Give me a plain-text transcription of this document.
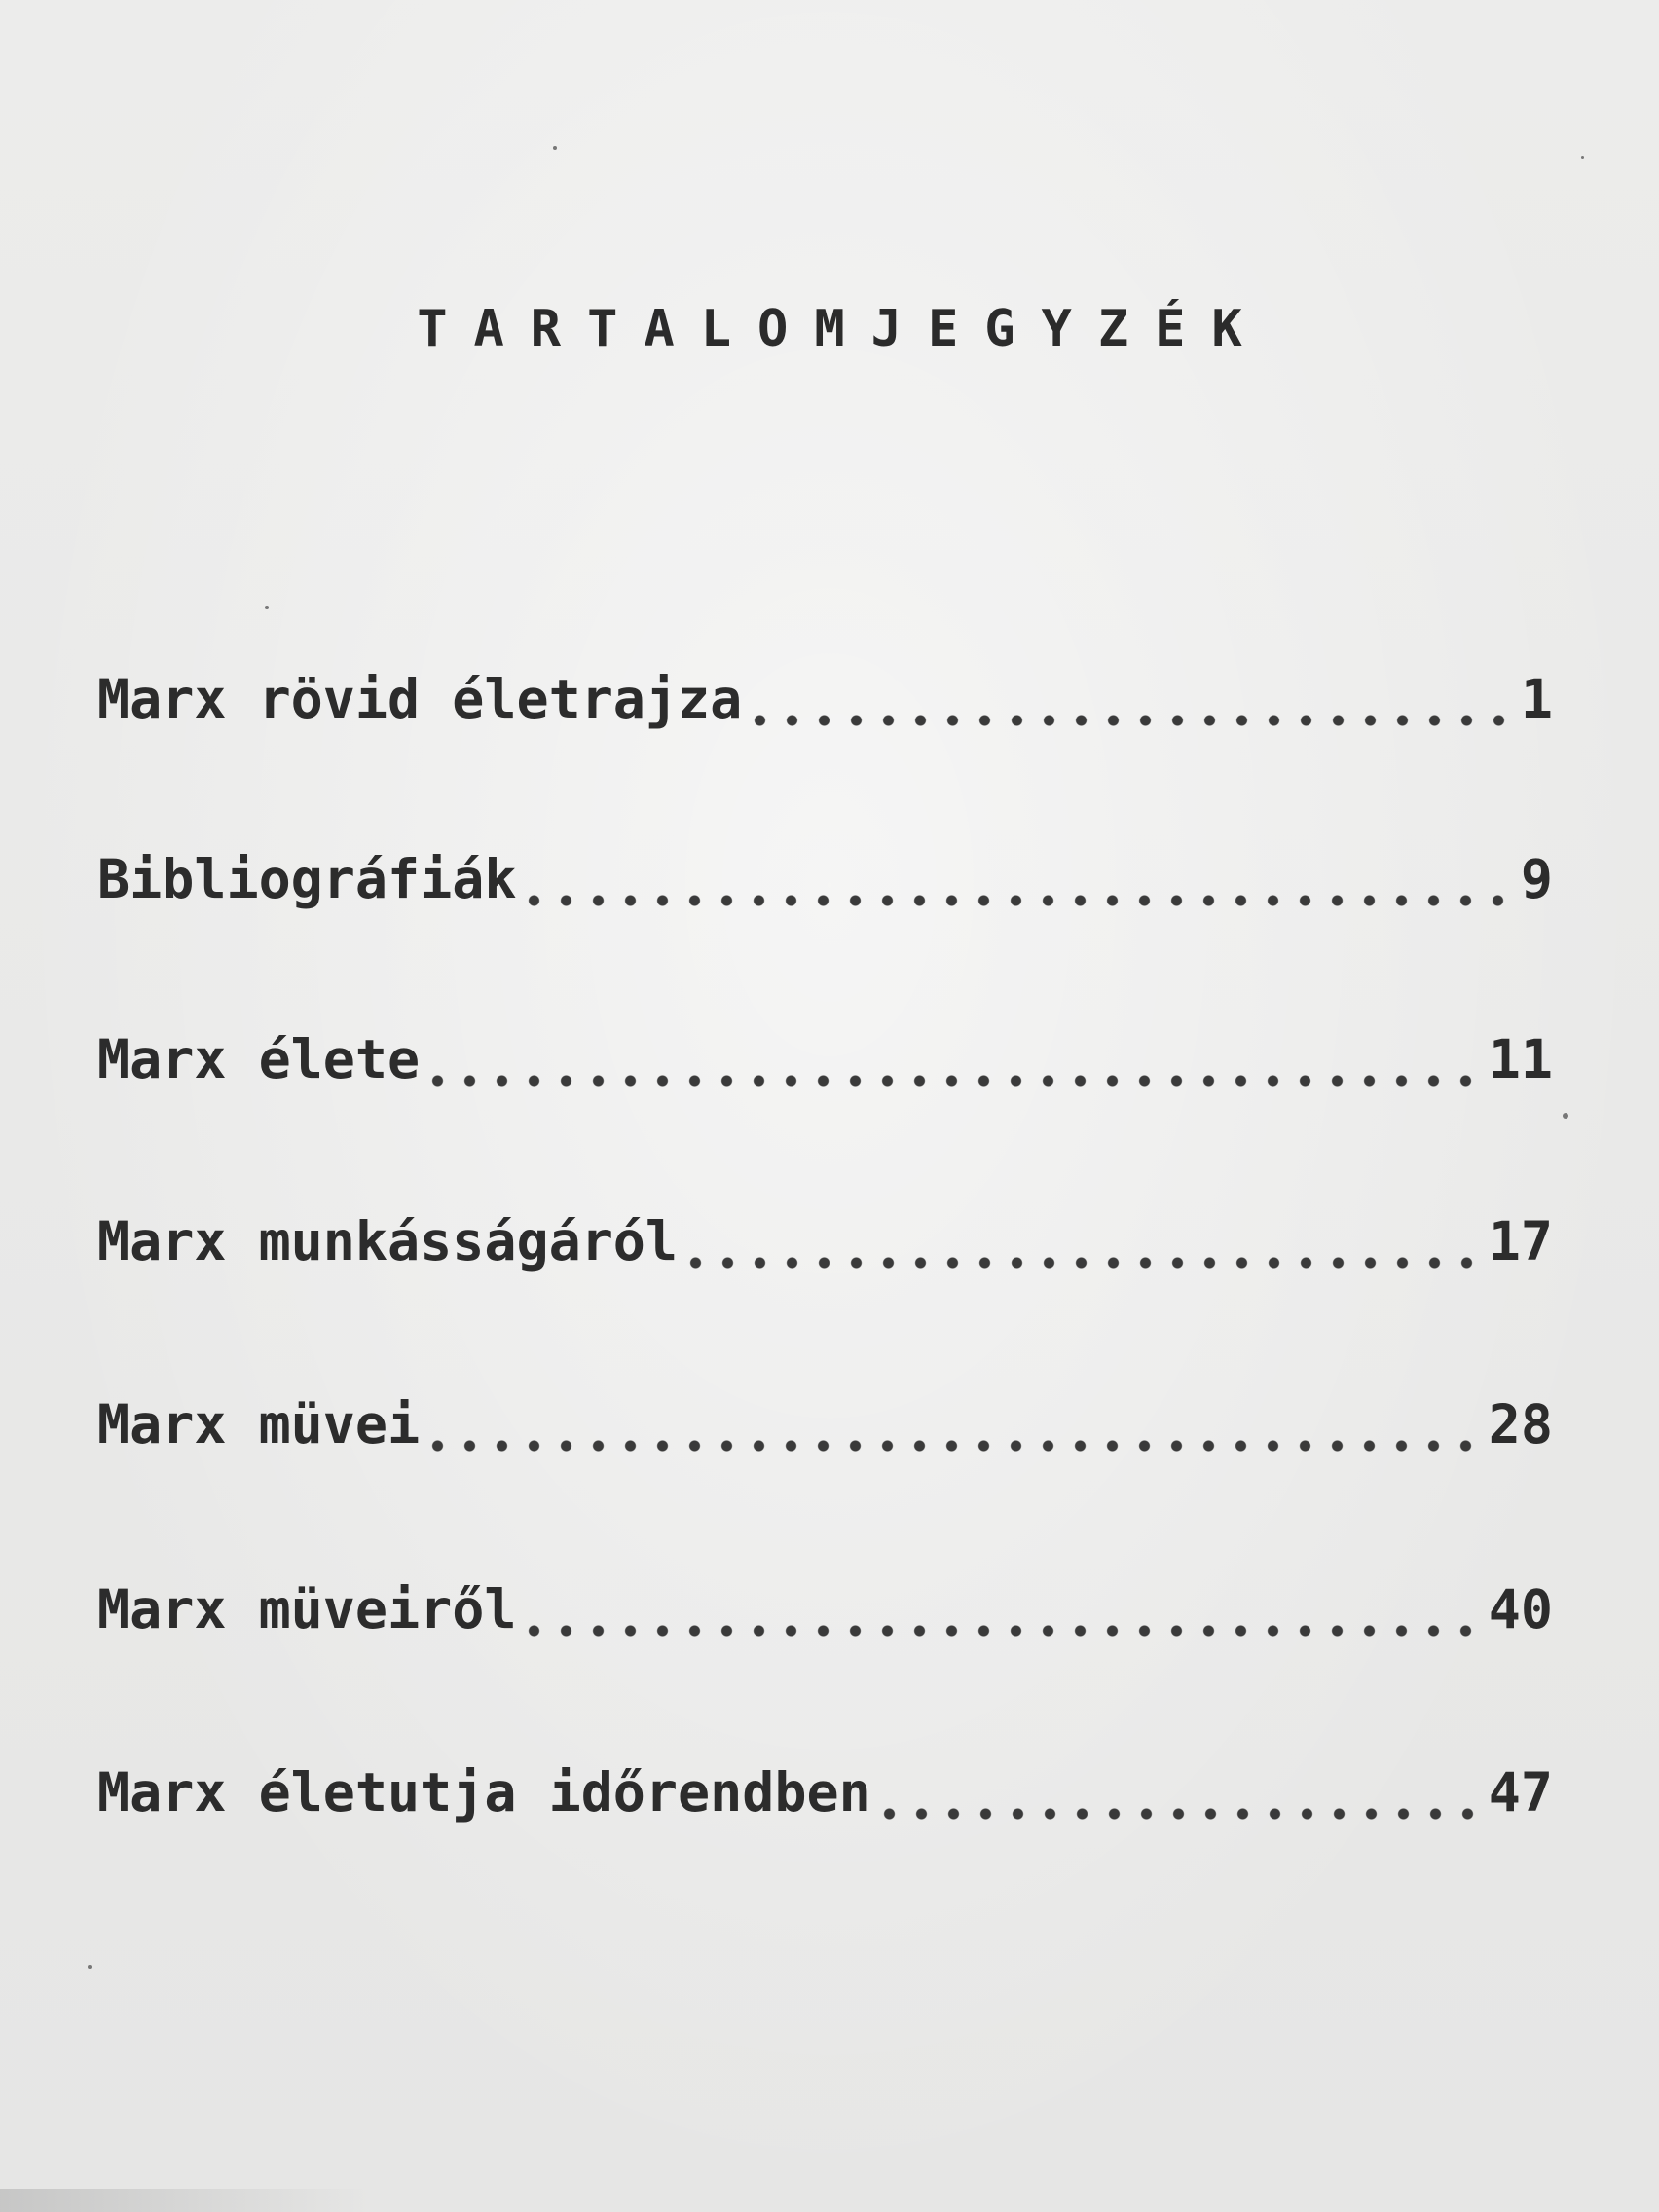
TARTALOMJEGYZÉK
Marx rövid életrajza	1
Bibliográfiák	9
Marx élete	11
Marx munkásságáról	17
Marx müvei	28
Marx müveiről	40
Marx életutja időrendben	47
